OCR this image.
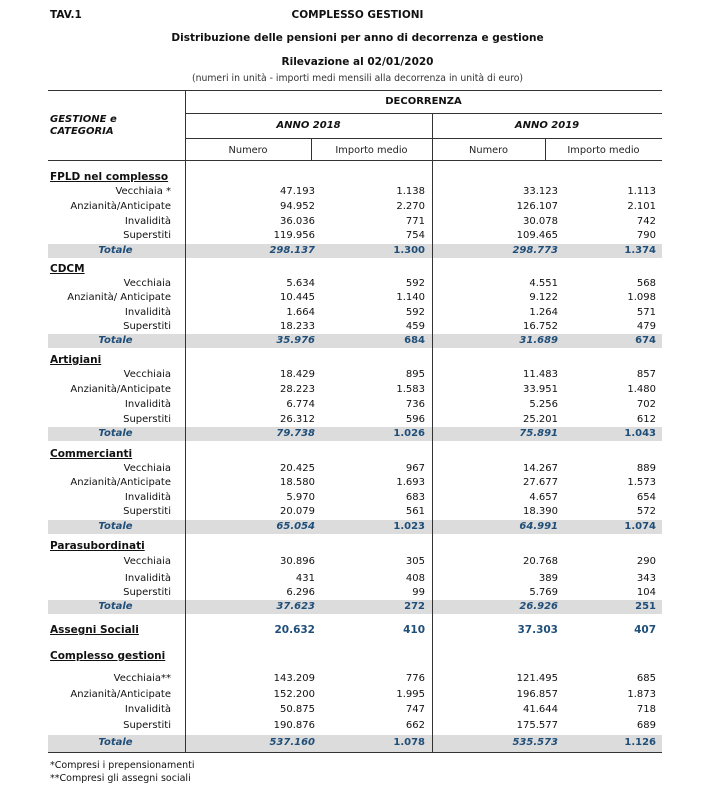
TAV.1	COMPLESSO GESTIONI
Distribuzione delle pensioni per anno di decorrenza e gestione
Rilevazione al 02/01/2020
(numeri in unità - importi medi mensili alla decorrenza in unità di euro)
GESTIONE e
CATEGORIA
DECORRENZA
ANNO 2018	ANNO 2019
Numero	Importo medio	Numero	Importo medio
FPLD nel complesso
Vecchiaia *	47.193	1.138	33.123	1.113
Anzianità/Anticipate	94.952	2.270	126.107	2.101
Invalidità	36.036	771	30.078	742
Superstiti	119.956	754	109.465	790
Totale	298.137	1.300	298.773	1.374
CDCM
Vecchiaia	5.634	592	4.551	568
Anzianità/ Anticipate	10.445	1.140	9.122	1.098
Invalidità	1.664	592	1.264	571
Superstiti	18.233	459	16.752	479
Totale	35.976	684	31.689	674
Artigiani
Vecchiaia	18.429	895	11.483	857
Anzianità/Anticipate	28.223	1.583	33.951	1.480
Invalidità	6.774	736	5.256	702
Superstiti	26.312	596	25.201	612
Totale	79.738	1.026	75.891	1.043
Commercianti
Vecchiaia	20.425	967	14.267	889
Anzianità/Anticipate	18.580	1.693	27.677	1.573
Invalidità	5.970	683	4.657	654
Superstiti	20.079	561	18.390	572
Totale	65.054	1.023	64.991	1.074
Parasubordinati
Vecchiaia	30.896	305	20.768	290
Invalidità	431	408	389	343
Superstiti	6.296	99	5.769	104
Totale	37.623	272	26.926	251
Assegni Sociali	20.632	410	37.303	407
Complesso gestioni
Vecchiaia**	143.209	776	121.495	685
Anzianità/Anticipate	152.200	1.995	196.857	1.873
Invalidità	50.875	747	41.644	718
Superstiti	190.876	662	175.577	689
Totale	537.160	1.078	535.573	1.126
*Compresi i prepensionamenti
**Compresi gli assegni sociali
